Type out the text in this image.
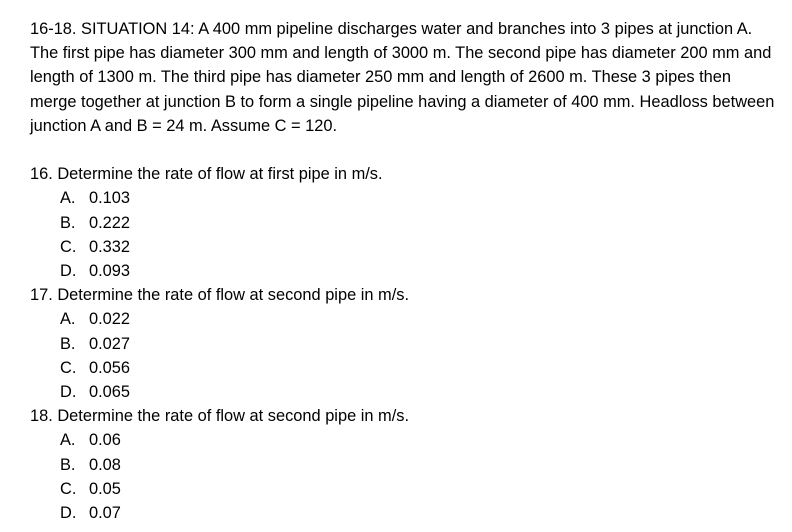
16-18. SITUATION 14: A 400 mm pipeline discharges water and branches into 3 pipes at junction A. The first pipe has diameter 300 mm and length of 3000 m. The second pipe has diameter 200 mm and length of 1300 m. The third pipe has diameter 250 mm and length of 2600 m. These 3 pipes then merge together at junction B to form a single pipeline having a diameter of 400 mm. Headloss between junction A and B = 24 m. Assume C = 120.

16. Determine the rate of flow at first pipe in m/s.

A. 0.103
B. 0.222
C. 0.332
D. 0.093

17. Determine the rate of flow at second pipe in m/s.

A. 0.022
B. 0.027
C. 0.056
D. 0.065

18. Determine the rate of flow at second pipe in m/s.

A. 0.06
B. 0.08
C. 0.05
D. 0.07
